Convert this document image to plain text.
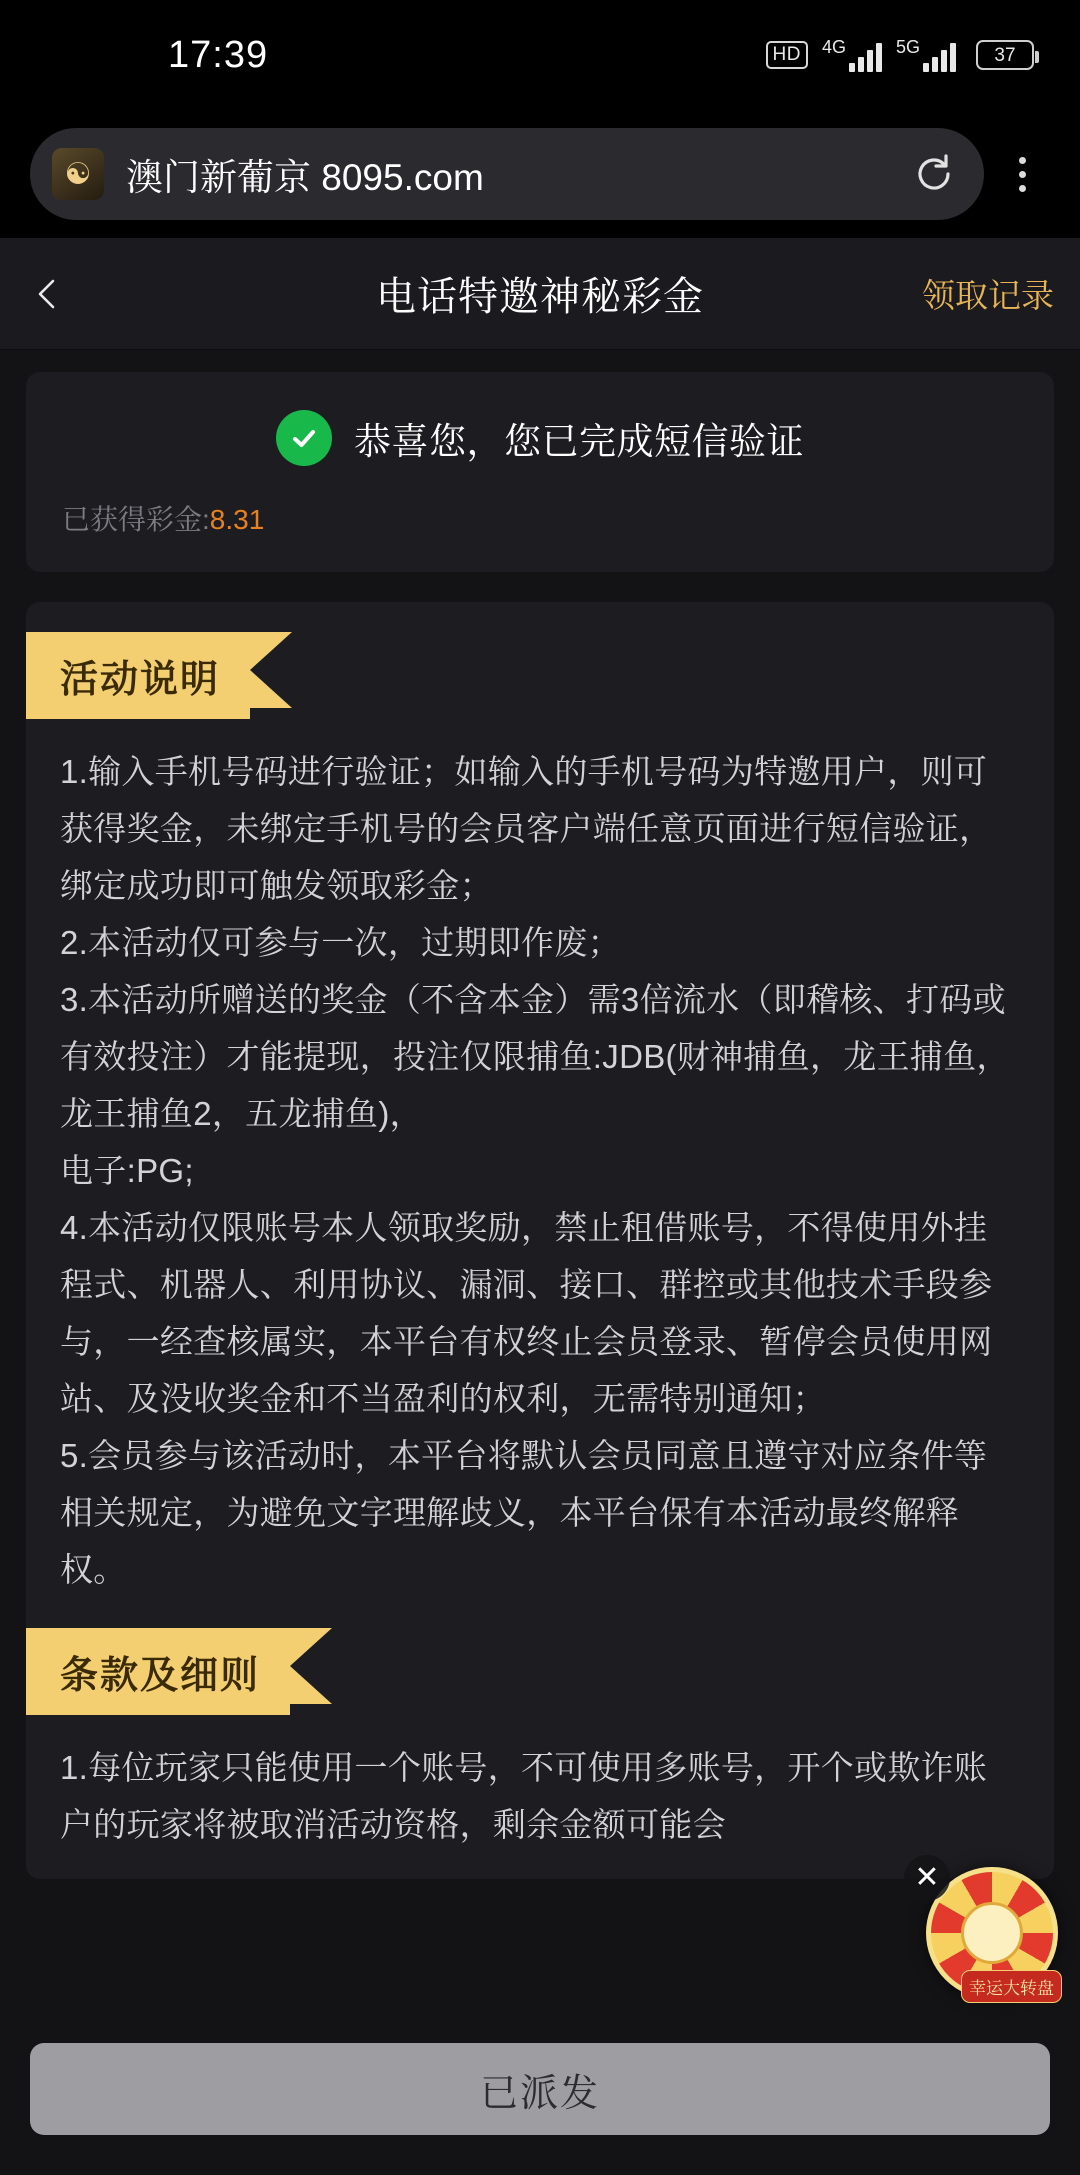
17:39	HD	4G	5G	37
☯ 澳门新葡京 8095.com
电话特邀神秘彩金	领取记录
恭喜您，您已完成短信验证
已获得彩金:8.31
活动说明

1.输入手机号码进行验证；如输入的手机号码为特邀用户，则可获得奖金，未绑定手机号的会员客户端任意页面进行短信验证，绑定成功即可触发领取彩金；

2.本活动仅可参与一次，过期即作废；

3.本活动所赠送的奖金（不含本金）需3倍流水（即稽核、打码或有效投注）才能提现，投注仅限捕鱼:JDB(财神捕鱼，龙王捕鱼，龙王捕鱼2，五龙捕鱼)，

电子:PG;

4.本活动仅限账号本人领取奖励，禁止租借账号，不得使用外挂程式、机器人、利用协议、漏洞、接口、群控或其他技术手段参与，一经查核属实，本平台有权终止会员登录、暂停会员使用网站、及没收奖金和不当盈利的权利，无需特别通知；

5.会员参与该活动时，本平台将默认会员同意且遵守对应条件等相关规定，为避免文字理解歧义，本平台保有本活动最终解释权。

条款及细则

1.每位玩家只能使用一个账号，不可使用多账号，开个或欺诈账户的玩家将被取消活动资格，剩余金额可能会

幸运大转盘
✕
已派发
